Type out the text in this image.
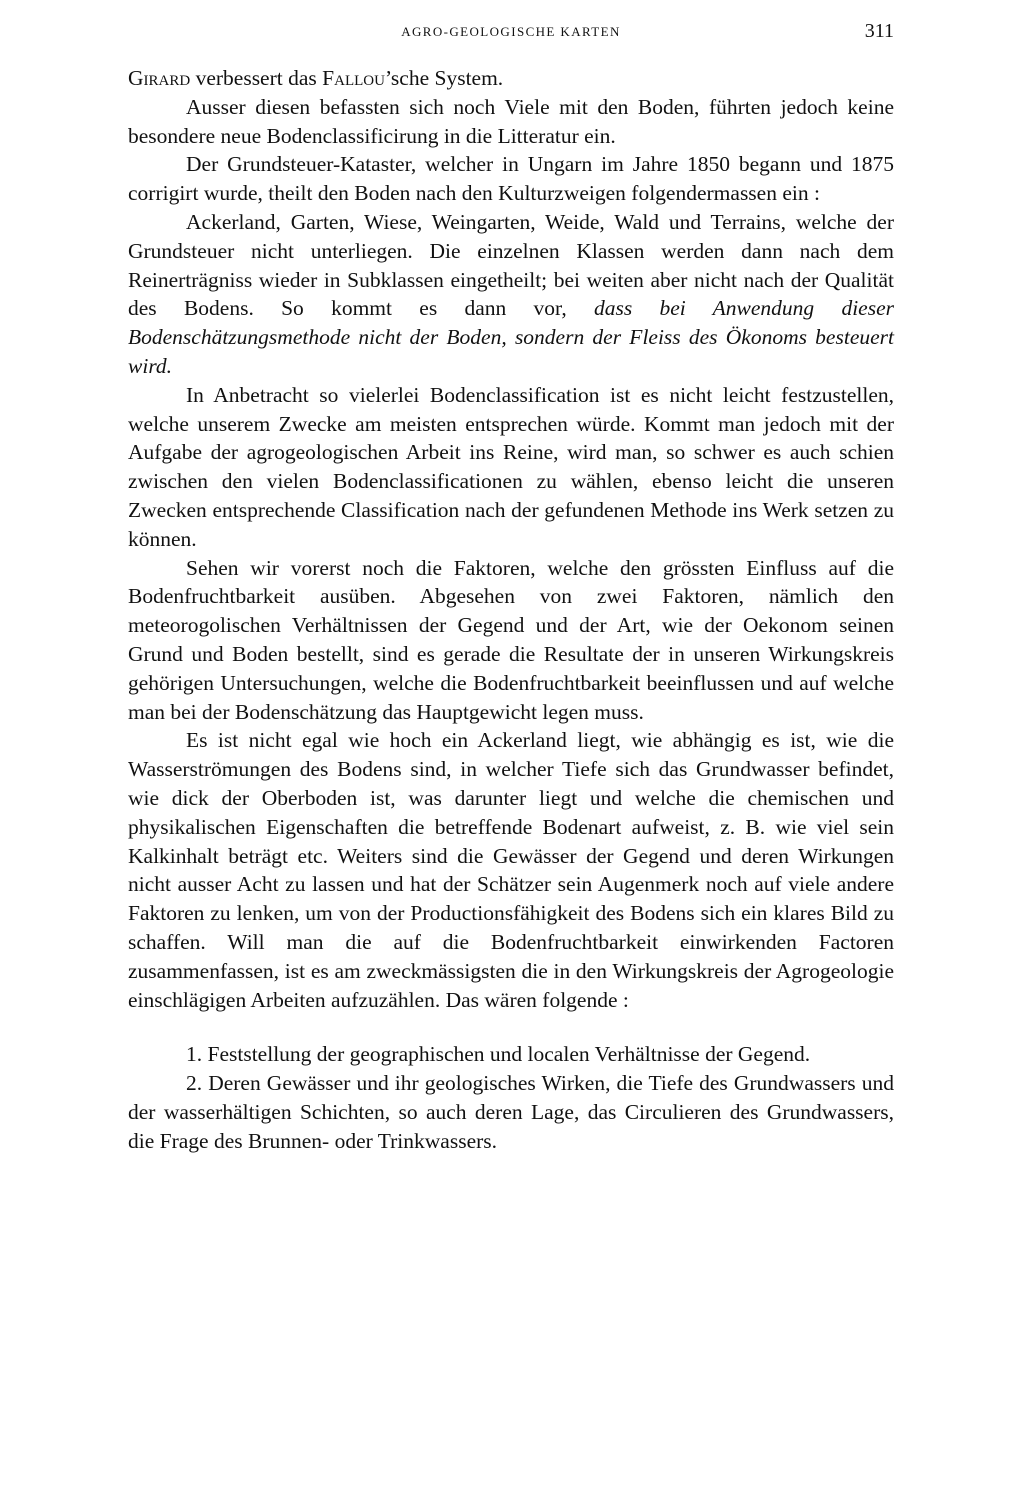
AGRO-GEOLOGISCHE KARTEN	311

Girard verbessert das Fallou’sche System.

Ausser diesen befassten sich noch Viele mit den Boden, führten jedoch keine besondere neue Bodenclassificirung in die Litteratur ein.

Der Grundsteuer-Kataster, welcher in Ungarn im Jahre 1850 begann und 1875 corrigirt wurde, theilt den Boden nach den Kulturzweigen folgendermassen ein :

Ackerland, Garten, Wiese, Weingarten, Weide, Wald und Terrains, welche der Grundsteuer nicht unterliegen. Die einzelnen Klassen werden dann nach dem Reinerträgniss wieder in Subklassen eingetheilt; bei weiten aber nicht nach der Qualität des Bodens. So kommt es dann vor, dass bei Anwendung dieser Bodenschätzungsmethode nicht der Boden, sondern der Fleiss des Ökonoms besteuert wird.

In Anbetracht so vielerlei Bodenclassification ist es nicht leicht festzustellen, welche unserem Zwecke am meisten entsprechen würde. Kommt man jedoch mit der Aufgabe der agrogeologischen Arbeit ins Reine, wird man, so schwer es auch schien zwischen den vielen Bodenclassificationen zu wählen, ebenso leicht die unseren Zwecken entsprechende Classification nach der gefundenen Methode ins Werk setzen zu können.

Sehen wir vorerst noch die Faktoren, welche den grössten Einfluss auf die Bodenfruchtbarkeit ausüben. Abgesehen von zwei Faktoren, nämlich den meteorogolischen Verhältnissen der Gegend und der Art, wie der Oekonom seinen Grund und Boden bestellt, sind es gerade die Resultate der in unseren Wirkungskreis gehörigen Untersuchungen, welche die Bodenfruchtbarkeit beeinflussen und auf welche man bei der Bodenschätzung das Hauptgewicht legen muss.

Es ist nicht egal wie hoch ein Ackerland liegt, wie abhängig es ist, wie die Wasserströmungen des Bodens sind, in welcher Tiefe sich das Grundwasser befindet, wie dick der Oberboden ist, was darunter liegt und welche die chemischen und physikalischen Eigenschaften die betreffende Bodenart aufweist, z. B. wie viel sein Kalkinhalt beträgt etc. Weiters sind die Gewässer der Gegend und deren Wirkungen nicht ausser Acht zu lassen und hat der Schätzer sein Augenmerk noch auf viele andere Faktoren zu lenken, um von der Productionsfähigkeit des Bodens sich ein klares Bild zu schaffen. Will man die auf die Bodenfruchtbarkeit einwirkenden Factoren zusammenfassen, ist es am zweckmässigsten die in den Wirkungskreis der Agrogeologie einschlägigen Arbeiten aufzuzählen. Das wären folgende :

1. Feststellung der geographischen und localen Verhältnisse der Gegend.

2. Deren Gewässer und ihr geologisches Wirken, die Tiefe des Grundwassers und der wasserhältigen Schichten, so auch deren Lage, das Circulieren des Grundwassers, die Frage des Brunnen- oder Trinkwassers.
